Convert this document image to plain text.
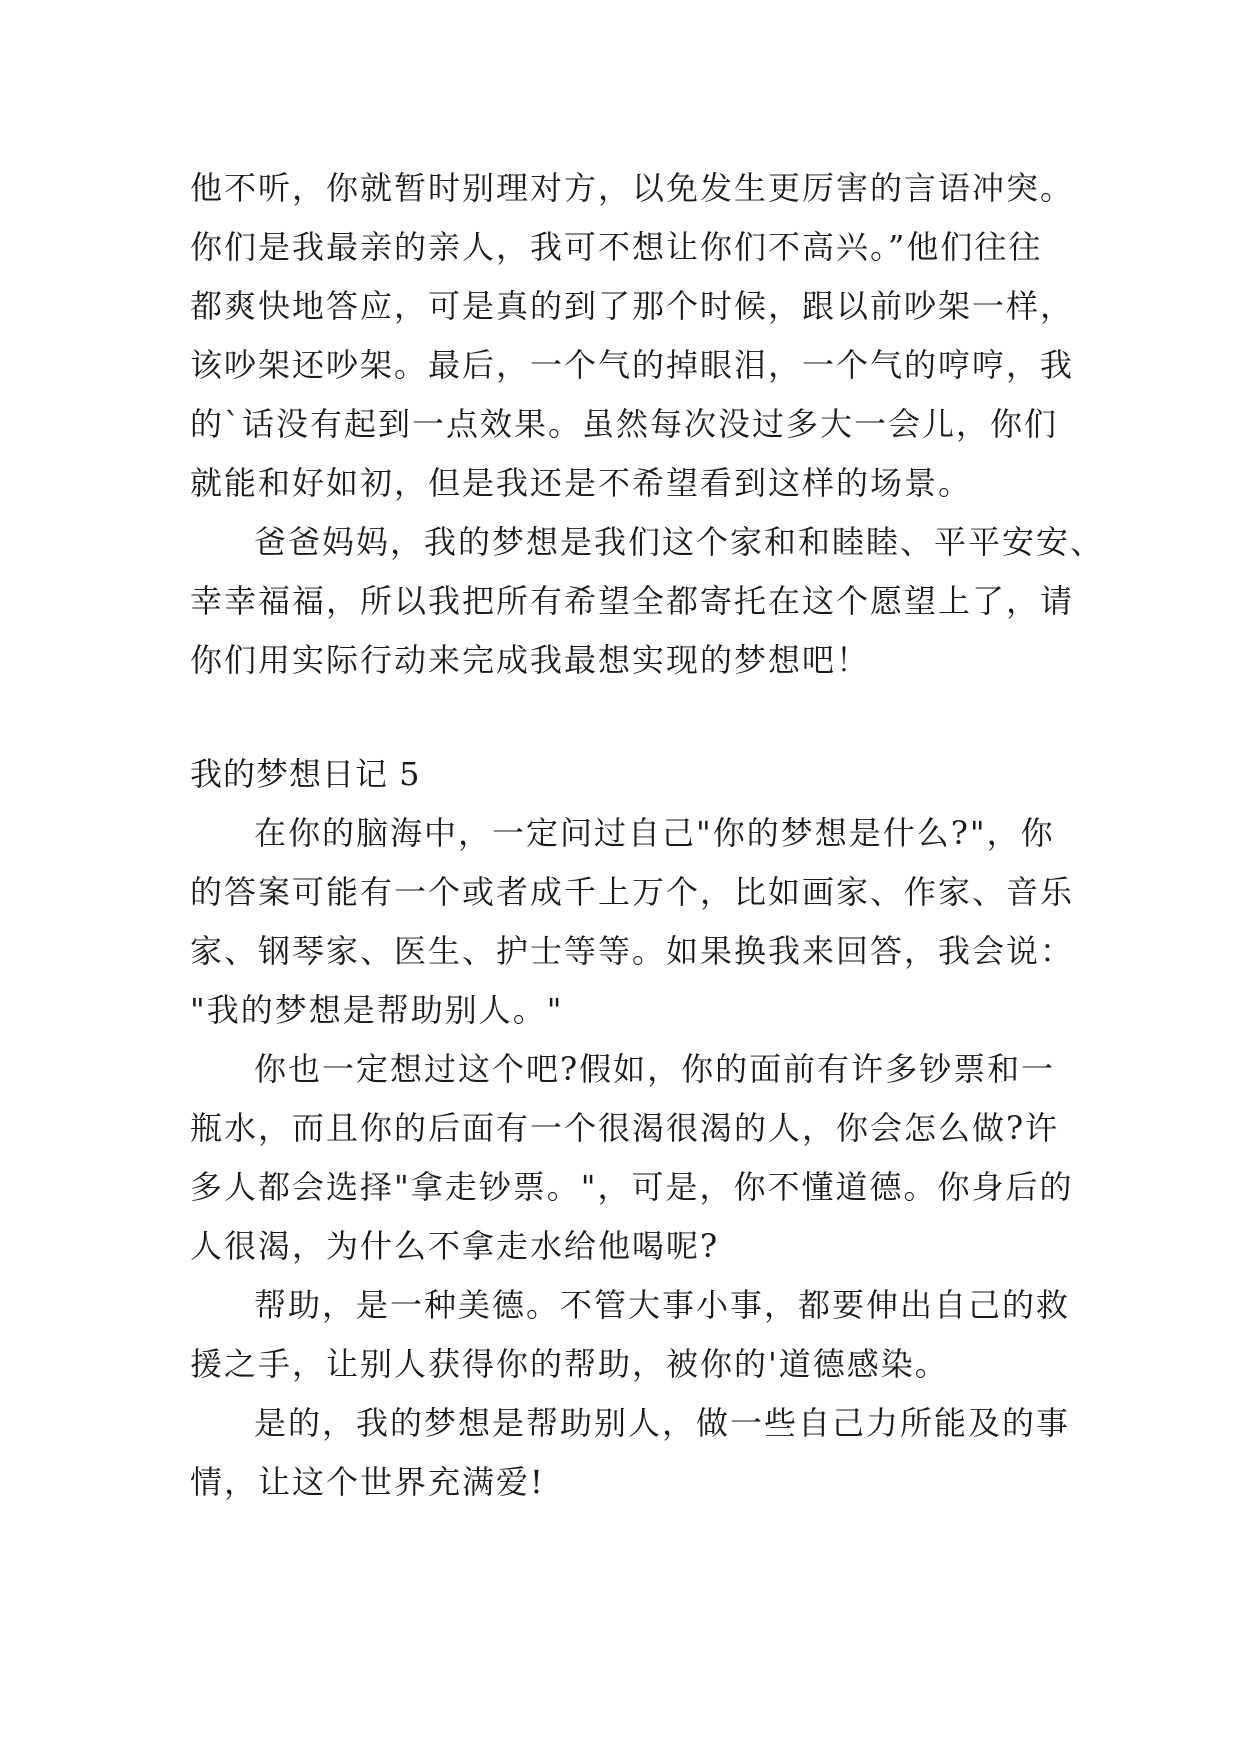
他不听，你就暂时别理对方，以免发生更厉害的言语冲突。
你们是我最亲的亲人，我可不想让你们不高兴。”他们往往
都爽快地答应，可是真的到了那个时候，跟以前吵架一样，
该吵架还吵架。最后，一个气的掉眼泪，一个气的哼哼，我
的`话没有起到一点效果。虽然每次没过多大一会儿，你们
就能和好如初，但是我还是不希望看到这样的场景。
爸爸妈妈，我的梦想是我们这个家和和睦睦、平平安安、
幸幸福福，所以我把所有希望全都寄托在这个愿望上了，请
你们用实际行动来完成我最想实现的梦想吧！
我的梦想日记 5
在你的脑海中，一定问过自己"你的梦想是什么?"，你
的答案可能有一个或者成千上万个，比如画家、作家、音乐
家、钢琴家、医生、护士等等。如果换我来回答，我会说：
"我的梦想是帮助别人。"
你也一定想过这个吧?假如，你的面前有许多钞票和一
瓶水，而且你的后面有一个很渴很渴的人，你会怎么做?许
多人都会选择"拿走钞票。"，可是，你不懂道德。你身后的
人很渴，为什么不拿走水给他喝呢?
帮助，是一种美德。不管大事小事，都要伸出自己的救
援之手，让别人获得你的帮助，被你的'道德感染。
是的，我的梦想是帮助别人，做一些自己力所能及的事
情，让这个世界充满爱!
